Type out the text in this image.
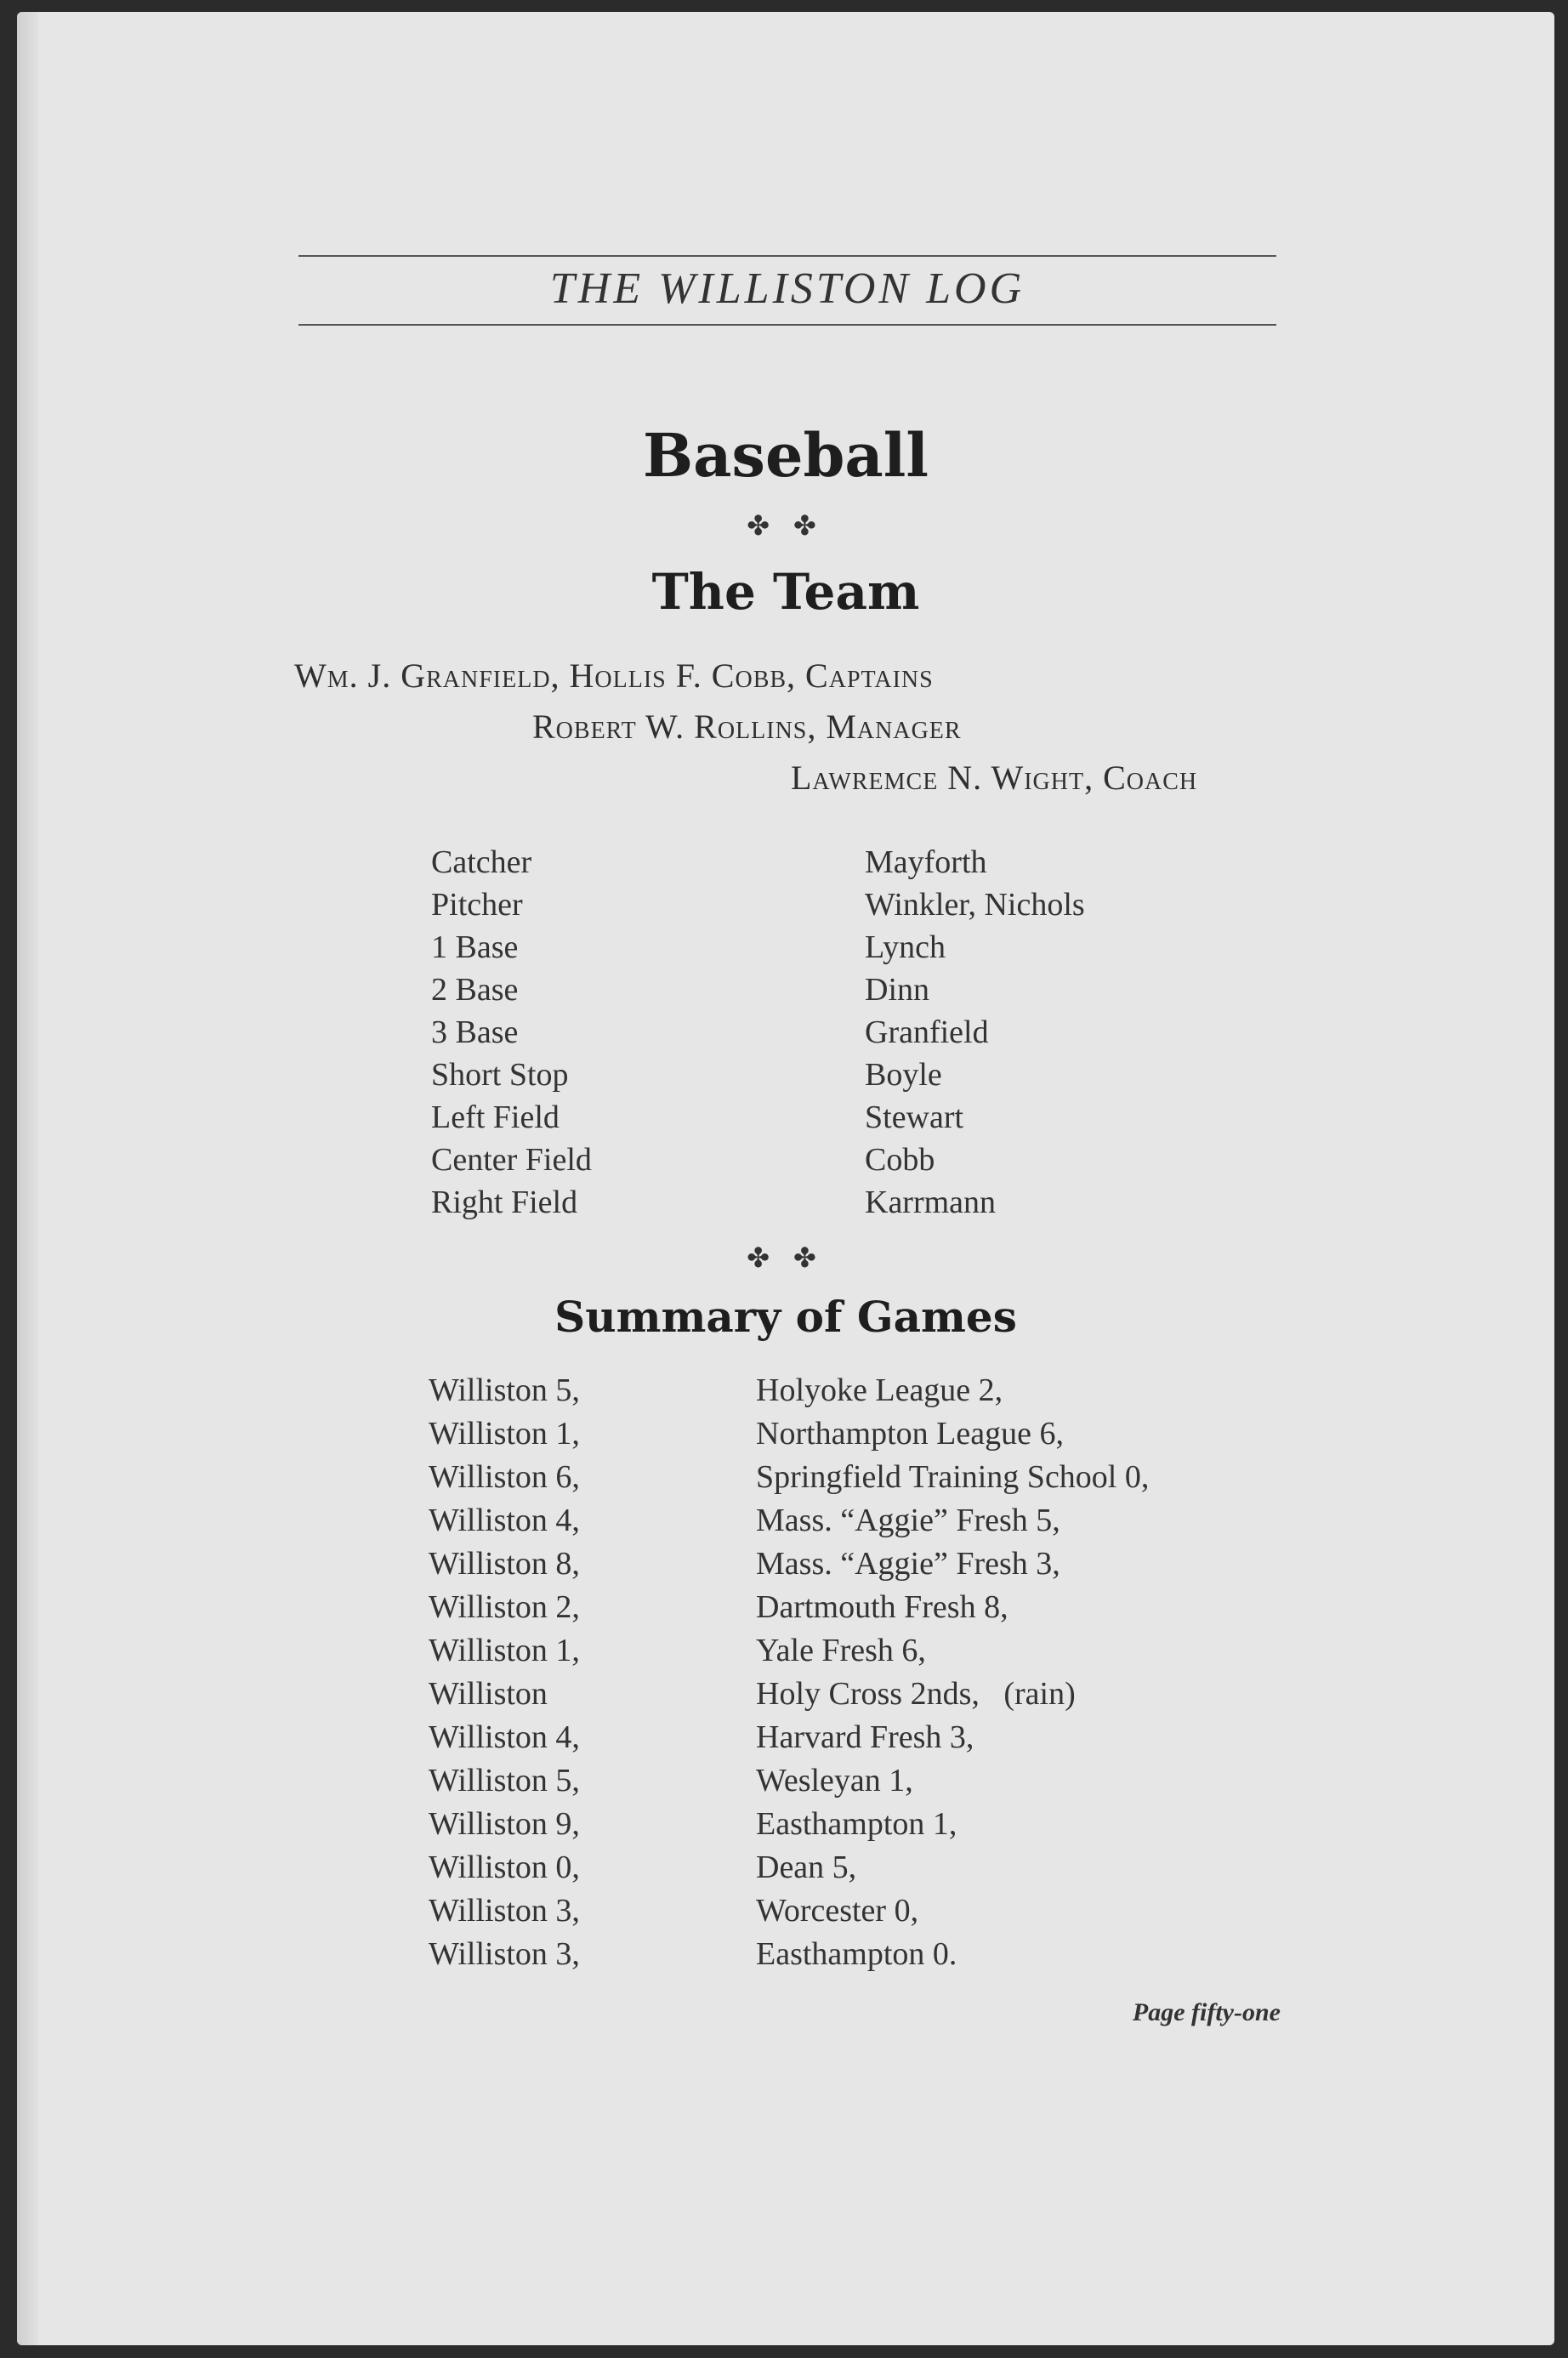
THE WILLISTON LOG
Baseball
✤ ✤
The Team
Wm. J. Granfield, Hollis F. Cobb, Captains
Robert W. Rollins, Manager
Lawremce N. Wight, Coach
Catcher	Mayforth
Pitcher	Winkler, Nichols
1 Base	Lynch
2 Base	Dinn
3 Base	Granfield
Short Stop	Boyle
Left Field	Stewart
Center Field	Cobb
Right Field	Karrmann
✤ ✤
Summary of Games
Williston 5,	Holyoke League 2,
Williston 1,	Northampton League 6,
Williston 6,	Springfield Training School 0,
Williston 4,	Mass. “Aggie” Fresh 5,
Williston 8,	Mass. “Aggie” Fresh 3,
Williston 2,	Dartmouth Fresh 8,
Williston 1,	Yale Fresh 6,
Williston	Holy Cross 2nds,   (rain)
Williston 4,	Harvard Fresh 3,
Williston 5,	Wesleyan 1,
Williston 9,	Easthampton 1,
Williston 0,	Dean 5,
Williston 3,	Worcester 0,
Williston 3,	Easthampton 0.
Page fifty-one
